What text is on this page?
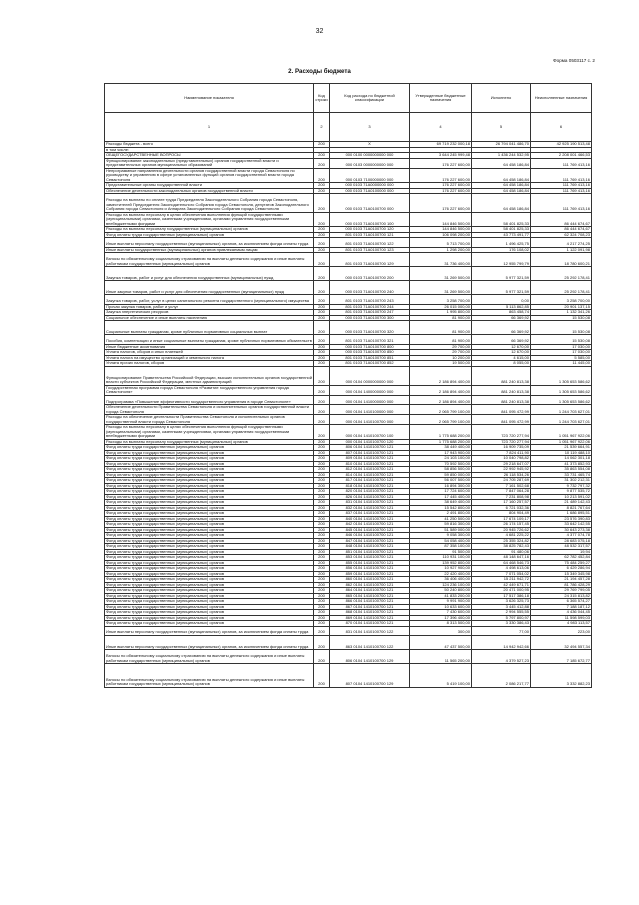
32
Форма 0503117 с. 2
2. Расходы бюджета
Наименование показателя	Код строки	Код расхода по бюджетной классификации	Утвержденные бюджетные назначения	Исполнено	Неисполненные назначения
1	2	3	4	5	6
Расходы бюджета - всего	200	X	69 719 232 000,18	26 794 041 486,70	42 925 190 513,48
в том числе:					
ОБЩЕГОСУДАРСТВЕННЫЕ ВОПРОСЫ	200	000 0100 0000000000 000	3 644 245 999,48	1 436 244 532,95	2 208 001 466,53
Функционирование законодательных (представительных) органов государственной власти и представительных органов муниципальных образований	200	000 0103 0000000000 000	176 227 600,00	64 458 186,84	111 769 413,16
Непрограммные направления деятельности органов государственной власти города Севастополя по руководству и управлению в сфере установленных функций органов государственной власти города Севастополя	200	000 0103 7100000000 000	176 227 600,00	64 458 186,84	111 769 413,16
Представительные органы государственной власти	200	000 0103 71А0000000 000	176 227 600,00	64 458 186,84	111 769 413,16
Обеспечение деятельности законодательных органов государственной власти	200	000 0103 71А0100000 000	176 227 600,00	64 458 186,84	111 769 413,16
Расходы на выплаты по оплате труда Председателя Законодательного Собрания города Севастополя, заместителей Председателя Законодательного Собрания города Севастополя, депутатов Законодательного Собрания города Севастополя и Аппарата Законодательного Собрания города Севастополя	200	000 0103 71А0100700 000	176 227 600,00	64 458 186,84	111 769 413,16
Расходы на выплаты персоналу в целях обеспечения выполнения функций государственными (муниципальными) органами, казенными учреждениями, органами управления государственными внебюджетными фондами	200	000 0103 71А0100700 100	144 846 500,00	58 401 825,33	86 444 674,67
Расходы на выплаты персоналу государственных (муниципальных) органов	200	000 0103 71А0100700 120	144 846 500,00	58 401 825,33	86 444 674,67
Фонд оплаты труда государственных (муниципальных) органов	200	801 0103 71А0100700 121	106 098 200,00	43 773 491,77	62 324 708,23
Иные выплаты персоналу государственных (муниципальных) органов, за исключением фонда оплаты труда	200	801 0103 71А0100700 122	5 713 700,00	1 496 425,75	4 217 274,25
Иные выплаты государственных (муниципальных) органов привлекаемым лицам	200	801 0103 71А0100700 123	1 298 200,00	176 108,02	1 122 091,98
Взносы по обязательному социальному страхованию на выплаты денежного содержания и иные выплаты работникам государственных (муниципальных) органов	200	801 0103 71А0100700 129	31 736 400,00	12 955 799,79	18 780 600,21
Закупка товаров, работ и услуг для обеспечения государственных (муниципальных) нужд	200	000 0103 71А0100700 200	31 269 500,00	5 977 321,59	25 292 178,41
Иные закупки товаров, работ и услуг для обеспечения государственных (муниципальных) нужд	200	000 0103 71А0100700 240	31 269 500,00	5 977 321,59	25 292 178,41
Закупка товаров, работ, услуг в целях капитального ремонта государственного (муниципального) имущества	200	801 0103 71А0100700 243	3 258 700,00	0,00	3 258 700,00
Прочая закупка товаров, работ и услуг	200	801 0103 71А0100700 244	26 015 000,00	5 113 862,85	20 901 137,15
Закупка энергетических ресурсов	200	801 0103 71А0100700 247	1 995 800,00	863 458,74	1 132 341,26
Социальное обеспечение и иные выплаты населению	200	000 0103 71А0100700 300	81 900,00	66 369,92	15 530,08
Социальные выплаты гражданам, кроме публичных нормативных социальных выплат	200	000 0103 71А0100700 320	81 900,00	66 369,92	15 530,08
Пособия, компенсации и иные социальные выплаты гражданам, кроме публичных нормативных обязательств	200	801 0103 71А0100700 321	81 900,00	66 369,92	15 530,08
Иные бюджетные ассигнования	200	000 0103 71А0100700 800	29 700,00	12 670,00	17 030,00
Уплата налогов, сборов и иных платежей	200	000 0103 71А0100700 850	29 700,00	12 670,00	17 030,00
Уплата налога на имущество организаций и земельного налога	200	801 0103 71А0100700 851	10 200,00	4 615,00	5 585,00
Уплата прочих налогов, сборов	200	801 0103 71А0100700 852	19 500,00	8 055,00	11 445,00
Функционирование Правительства Российской Федерации, высших исполнительных органов государственной власти субъектов Российской Федерации, местных администраций	200	000 0104 0000000000 000	2 186 894 400,00	881 240 813,38	1 305 653 586,62
Государственная программа города Севастополя «Развитие государственного управления города Севастополя»	200	000 0104 1400000000 000	2 186 894 400,00	881 240 813,38	1 305 653 586,62
Подпрограмма «Повышение эффективности государственного управления в городе Севастополе»	200	000 0104 1410000000 000	2 186 894 400,00	881 240 813,38	1 305 653 586,62
Обеспечение деятельности Правительства Севастополя и исполнительных органов государственной власти города Севастополя	200	000 0104 1410100000 000	2 065 799 100,00	841 095 472,99	1 244 703 627,01
Расходы на обеспечение деятельности Правительства Севастополя и исполнительных органов государственной власти города Севастополя	200	000 0104 1410100700 000	2 065 799 100,00	841 095 472,99	1 244 703 627,01
Расходы на выплаты персоналу в целях обеспечения выполнения функций государственными (муниципальными) органами, казенными учреждениями, органами управления государственными внебюджетными фондами	200	000 0104 1410100700 100	1 775 688 200,00	723 720 277,94	1 051 967 922,06
Расходы на выплаты персоналу государственных (муниципальных) органов	200	000 0104 1410100700 120	1 775 688 200,00	723 720 277,94	1 051 967 922,06
Фонд оплаты труда государственных (муниципальных) органов	200	806 0104 1410100700 121	38 449 400,00	16 909 735,09	21 539 664,91
Фонд оплаты труда государственных (муниципальных) органов	200	807 0104 1410100700 121	17 943 900,00	7 824 411,90	10 119 488,10
Фонд оплаты труда государственных (муниципальных) органов	200	809 0104 1410100700 121	24 103 100,00	10 040 798,82	14 062 301,18
Фонд оплаты труда государственных (муниципальных) органов	200	810 0104 1410100700 121	70 592 500,00	29 218 647,07	41 373 852,93
Фонд оплаты труда государственных (муниципальных) органов	200	812 0104 1410100700 121	58 856 500,00	22 992 945,92	35 863 554,08
Фонд оплаты труда государственных (муниципальных) органов	200	814 0104 1410100700 121	59 850 000,00	26 118 534,26	33 731 465,74
Фонд оплаты труда государственных (муниципальных) органов	200	817 0104 1410100700 121	56 007 500,00	24 705 287,69	31 302 212,31
Фонд оплаты труда государственных (муниципальных) органов	200	818 0104 1410100700 121	16 894 300,00	7 161 502,68	9 732 797,32
Фонд оплаты труда государственных (муниципальных) органов	200	820 0104 1410100700 121	17 724 600,00	7 847 064,28	9 877 535,72
Фонд оплаты труда государственных (муниципальных) органов	200	826 0104 1410100700 121	17 445 400,00	7 231 808,98	10 213 591,02
Фонд оплаты труда государственных (муниципальных) органов	200	831 0104 1410100700 121	38 649 400,00	17 160 257,57	21 489 142,43
Фонд оплаты труда государственных (муниципальных) органов	200	832 0104 1410100700 121	15 542 800,00	6 721 032,36	8 821 767,64
Фонд оплаты труда государственных (муниципальных) органов	200	837 0104 1410100700 121	2 491 800,00	804 904,49	1 686 895,51
Фонд оплаты труда государственных (муниципальных) органов	200	840 0104 1410100700 121	41 250 500,00	17 674 109,17	23 576 390,83
Фонд оплаты труда государственных (муниципальных) органов	200	842 0104 1410100700 121	59 816 300,00	26 174 157,45	33 642 142,55
Фонд оплаты труда государственных (муниципальных) органов	200	845 0104 1410100700 121	51 589 000,00	20 945 726,62	30 643 273,38
Фонд оплаты труда государственных (муниципальных) органов	200	846 0104 1410100700 121	9 058 300,00	4 681 225,22	4 377 074,78
Фонд оплаты труда государственных (муниципальных) органов	200	847 0104 1410100700 121	54 058 400,00	25 355 324,82	28 683 075,18
Фонд оплаты труда государственных (муниципальных) органов	200	848 0104 1410100700 121	87 358 100,00	38 825 782,43	48 532 317,57
Фонд оплаты труда государственных (муниципальных) органов	200	851 0104 1410100700 121	91 500,00	91 480,06	19,94
Фонд оплаты труда государственных (муниципальных) органов	200	853 0104 1410100700 121	110 931 100,00	48 148 647,16	62 782 452,84
Фонд оплаты труда государственных (муниципальных) органов	200	855 0104 1410100700 121	139 952 800,00	64 468 546,73	75 484 259,27
Фонд оплаты труда государственных (муниципальных) органов	200	856 0104 1410100700 121	10 927 900,00	4 498 613,06	6 429 286,94
Фонд оплаты труда государственных (муниципальных) органов	200	859 0104 1410100700 121	22 420 400,00	7 071 054,02	15 349 345,98
Фонд оплаты труда государственных (муниципальных) органов	200	860 0104 1410100700 121	36 406 400,00	15 211 942,72	21 194 457,28
Фонд оплаты труда государственных (муниципальных) органов	200	862 0104 1410100700 121	124 236 100,00	42 449 671,71	81 786 428,29
Фонд оплаты труда государственных (муниципальных) органов	200	864 0104 1410100700 121	50 240 800,00	20 471 000,95	29 769 799,05
Фонд оплаты труда государственных (муниципальных) органов	200	865 0104 1410100700 121	41 833 200,00	17 517 386,18	24 315 813,82
Фонд оплаты труда государственных (муниципальных) органов	200	866 0104 1410100700 121	9 991 900,00	3 626 325,73	6 365 574,27
Фонд оплаты труда государственных (муниципальных) органов	200	867 0104 1410100700 121	10 633 600,00	3 445 412,88	7 188 187,12
Фонд оплаты труда государственных (муниципальных) органов	200	868 0104 1410100700 121	7 430 600,00	2 994 555,55	4 436 044,45
Фонд оплаты труда государственных (муниципальных) органов	200	869 0104 1410100700 121	17 396 400,00	5 797 800,97	11 598 599,03
Фонд оплаты труда государственных (муниципальных) органов	200	870 0104 1410100700 121	8 313 500,00	3 330 386,43	4 983 113,57
Иные выплаты персоналу государственных (муниципальных) органов, за исключением фонда оплаты труда	200	831 0104 1410100700 122	300,00	77,00	223,00
Иные выплаты персоналу государственных (муниципальных) органов, за исключением фонда оплаты труда	200	863 0104 1410100700 122	47 437 500,00	14 942 942,66	32 494 557,34
Взносы по обязательному социальному страхованию на выплаты денежного содержания и иные выплаты работникам государственных (муниципальных) органов	200	806 0104 1410100700 129	11 565 200,00	4 379 527,23	7 185 672,77
Взносы по обязательному социальному страхованию на выплаты денежного содержания и иные выплаты работникам государственных (муниципальных) органов	200	807 0104 1410100700 129	5 419 100,00	2 086 217,77	3 332 882,23
